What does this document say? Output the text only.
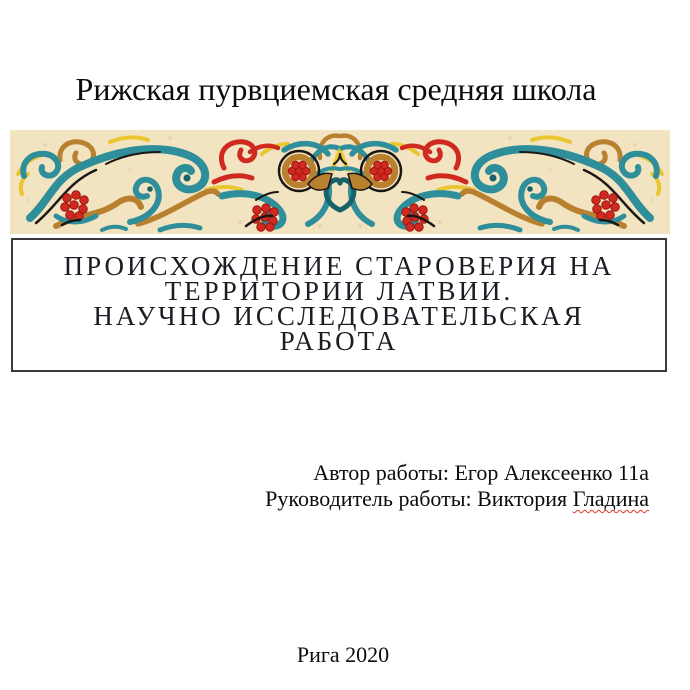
Рижская пурвциемская средняя школа
ПРОИСХОЖДЕНИЕ СТАРОВЕРИЯ НА
ТЕРРИТОРИИ ЛАТВИИ.
НАУЧНО ИССЛЕДОВАТЕЛЬСКАЯ
РАБОТА
Автор работы: Егор Алексеенко 11а
Руководитель работы: Виктория Гладина
Рига 2020
